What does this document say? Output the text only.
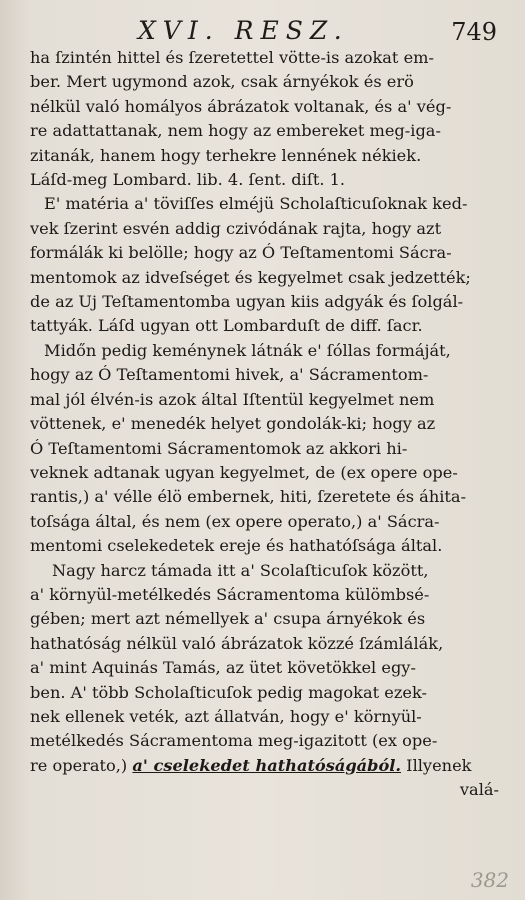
XVI. RESZ.	749
ha ſzintén hittel és ſzeretettel vötte-is azokat em-
ber. Mert ugymond azok, csak árnyékok és erö
nélkül való homályos ábrázatok voltanak, és a' vég-
re adattattanak, nem hogy az embereket meg-iga-
zitanák, hanem hogy terhekre lennének nékiek.
Láſd-meg Lombard. lib. 4. ſent. diſt. 1.
E' matéria a' töviſſes elméjü Scholaſticuſoknak ked-
vek ſzerint esvén addig czivódának rajta, hogy azt
formálák ki belölle; hogy az Ó Teſtamentomi Sácra-
mentomok az idveſséget és kegyelmet csak jedzették;
de az Uj Teſtamentomba ugyan kiis adgyák és ſolgál-
tattyák. Láſd ugyan ott Lombarduſt de diff. ſacr.
Midőn pedig keménynek látnák e' ſóllas formáját,
hogy az Ó Teſtamentomi hivek, a' Sácramentom-
mal jól élvén-is azok által Iſtentül kegyelmet nem
vöttenek, e' menedék helyet gondolák-ki; hogy az
Ó Teſtamentomi Sácramentomok az akkori hi-
veknek adtanak ugyan kegyelmet, de (ex opere ope-
rantis,) a' vélle élö embernek, hiti, ſzeretete és áhita-
toſsága által, és nem (ex opere operato,) a' Sácra-
mentomi cselekedetek ereje és hathatóſsága által.
Nagy harcz támada itt a' Scolaſticuſok között,
a' környül-metélkedés Sácramentoma külömbsé-
gében; mert azt némellyek a' csupa árnyékok és
hathatóság nélkül való ábrázatok közzé ſzámlálák,
a' mint Aquinás Tamás, az ütet követökkel egy-
ben. A' több Scholaſticuſok pedig magokat ezek-
nek ellenek veték, azt állatván, hogy e' környül-
metélkedés Sácramentoma meg-igazitott (ex ope-
re operato,) a' cselekedet hathatóságából. Illyenek
valá-
382
